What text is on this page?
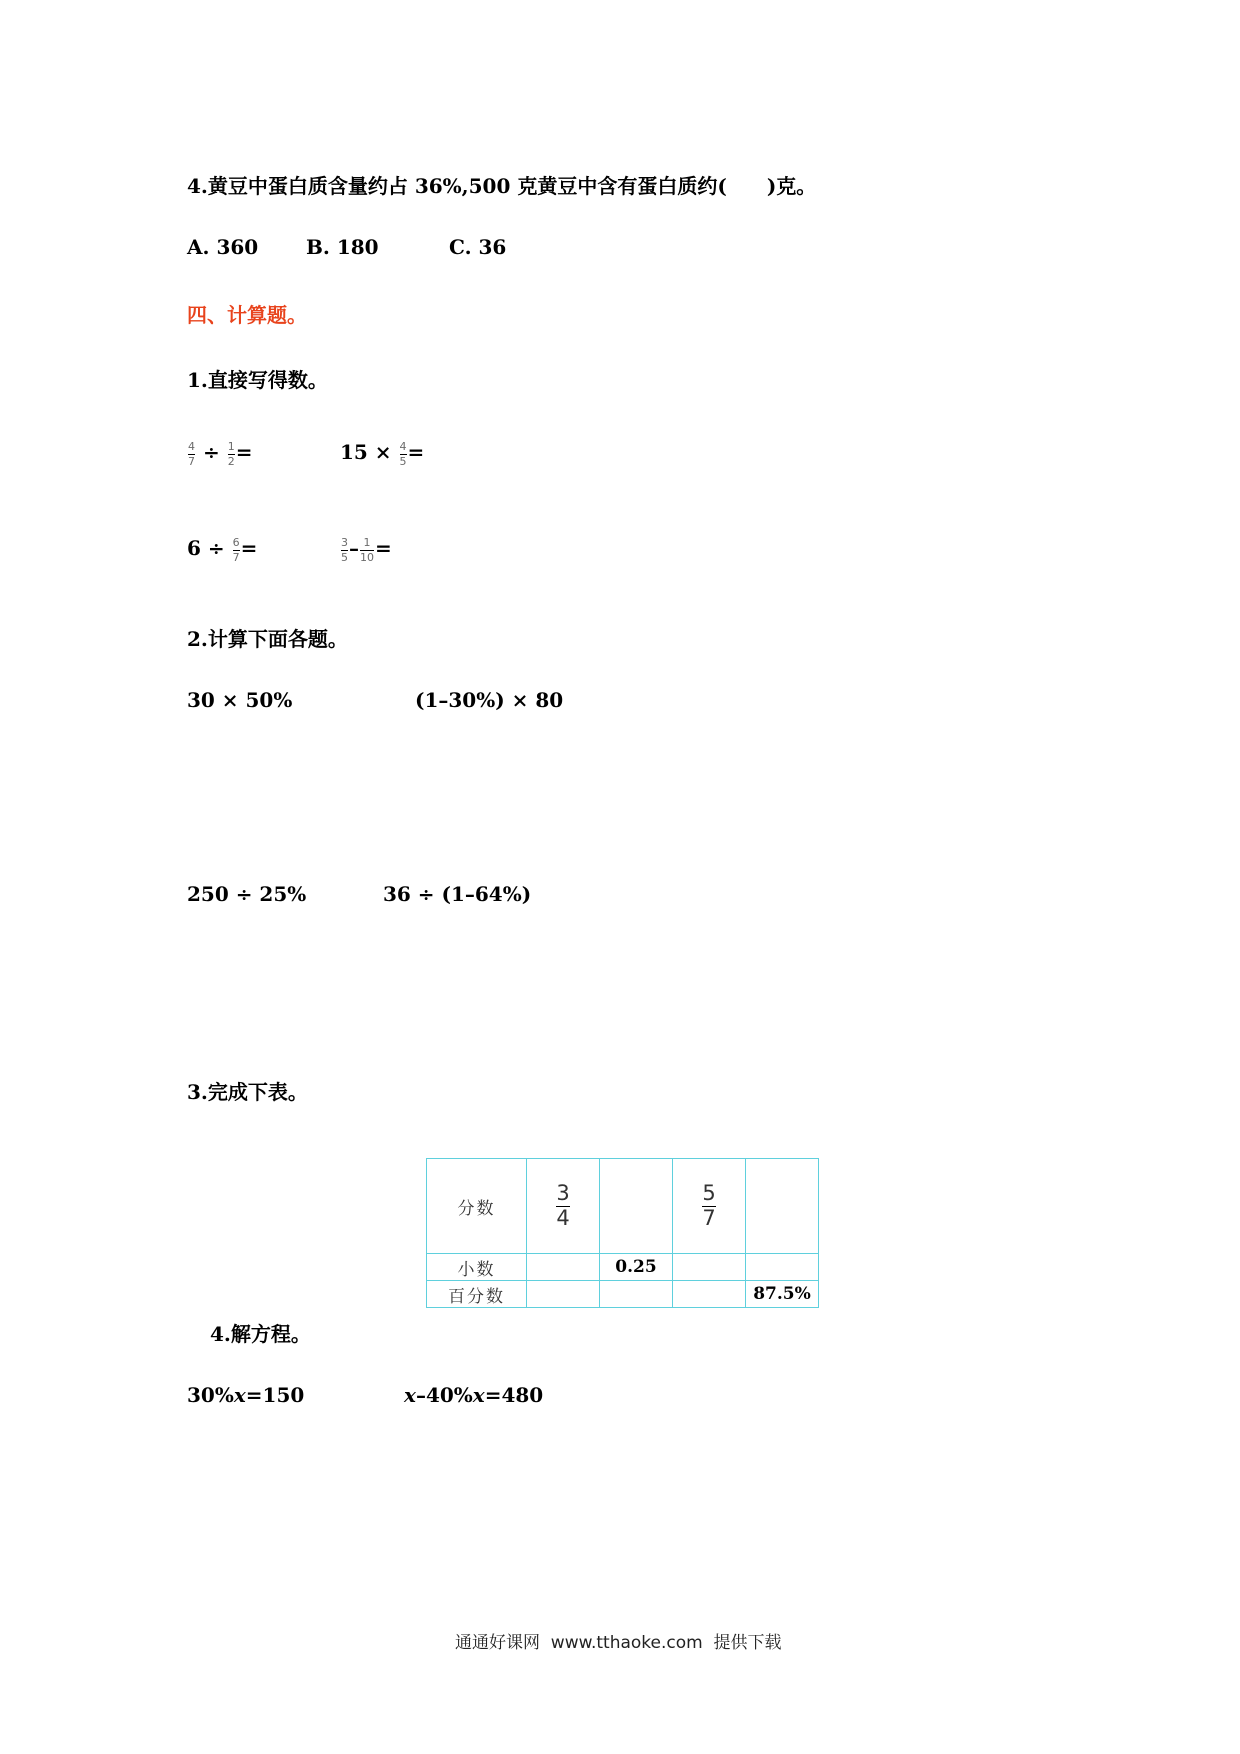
4.黄豆中蛋白质含量约占 36%,500 克黄豆中含有蛋白质约(　　)克。
A. 360 B. 180	C. 36
四、计算题。
1.直接写得数。
$\frac{4}{7} \div \frac{1}{2}$ =	$15 \times \frac{4}{5}$ =
$6 \div \frac{6}{7}$ =	$\frac{3}{5} - \frac{1}{10}$ =
2.计算下面各题。
30 × 50%	(1–30%) × 80
250 ÷ 25%	36 ÷ (1–64%)
3.完成下表。
分数	$\frac{3}{4}$		$\frac{5}{7}$

小数		0.25		
百分数				87.5%
4.解方程。
30%x=150	x–40%x=480
通通好课网  www.tthaoke.com  提供下载
